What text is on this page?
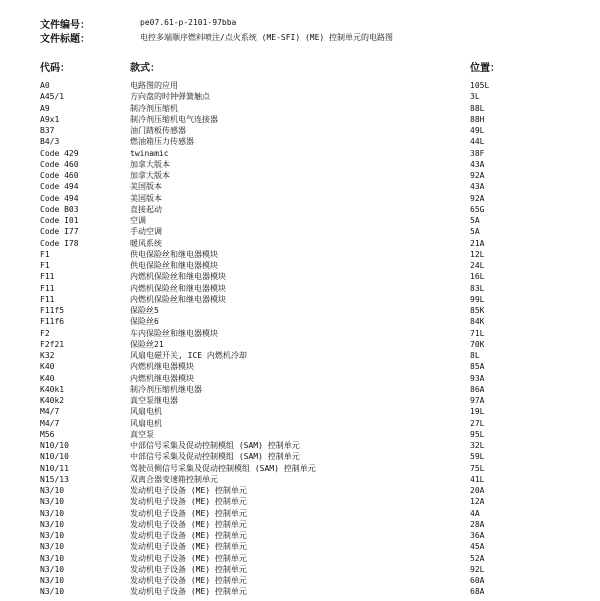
文件编号：	pe07.61-p-2101-97bba
文件标题：	电控多端顺序燃料喷注/点火系统 (ME-SFI) (ME) 控制单元的电路图
代码：	款式：	位置：
A0	电路图的应用	105L
A45/1	方向盘的时钟弹簧触点	3L
A9	制冷剂压缩机	88L
A9x1	制冷剂压缩机电气连接器	88H
B37	油门踏板传感器	49L
B4/3	燃油箱压力传感器	44L
Code 429	twinamic	38F
Code 460	加拿大版本	43A
Code 460	加拿大版本	92A
Code 494	美国版本	43A
Code 494	美国版本	92A
Code B03	直接起动	65G
Code I01	空调	5A
Code I77	手动空调	5A
Code I78	暖风系统	21A
F1	供电保险丝和继电器模块	12L
F1	供电保险丝和继电器模块	24L
F11	内燃机保险丝和继电器模块	16L
F11	内燃机保险丝和继电器模块	83L
F11	内燃机保险丝和继电器模块	99L
F11f5	保险丝5	85K
F11f6	保险丝6	84K
F2	车内保险丝和继电器模块	71L
F2f21	保险丝21	70K
K32	风扇电磁开关, ICE 内燃机冷却	8L
K40	内燃机继电器模块	85A
K40	内燃机继电器模块	93A
K40k1	制冷剂压缩机继电器	86A
K40k2	真空泵继电器	97A
M4/7	风扇电机	19L
M4/7	风扇电机	27L
M56	真空泵	95L
N10/10	中部信号采集及促动控制模组 (SAM) 控制单元	32L
N10/10	中部信号采集及促动控制模组 (SAM) 控制单元	59L
N10/11	驾驶员侧信号采集及促动控制模组 (SAM) 控制单元	75L
N15/13	双离合器变速箱控制单元	41L
N3/10	发动机电子设备 (ME) 控制单元	20A
N3/10	发动机电子设备 (ME) 控制单元	12A
N3/10	发动机电子设备 (ME) 控制单元	4A
N3/10	发动机电子设备 (ME) 控制单元	28A
N3/10	发动机电子设备 (ME) 控制单元	36A
N3/10	发动机电子设备 (ME) 控制单元	45A
N3/10	发动机电子设备 (ME) 控制单元	52A
N3/10	发动机电子设备 (ME) 控制单元	92L
N3/10	发动机电子设备 (ME) 控制单元	60A
N3/10	发动机电子设备 (ME) 控制单元	68A
